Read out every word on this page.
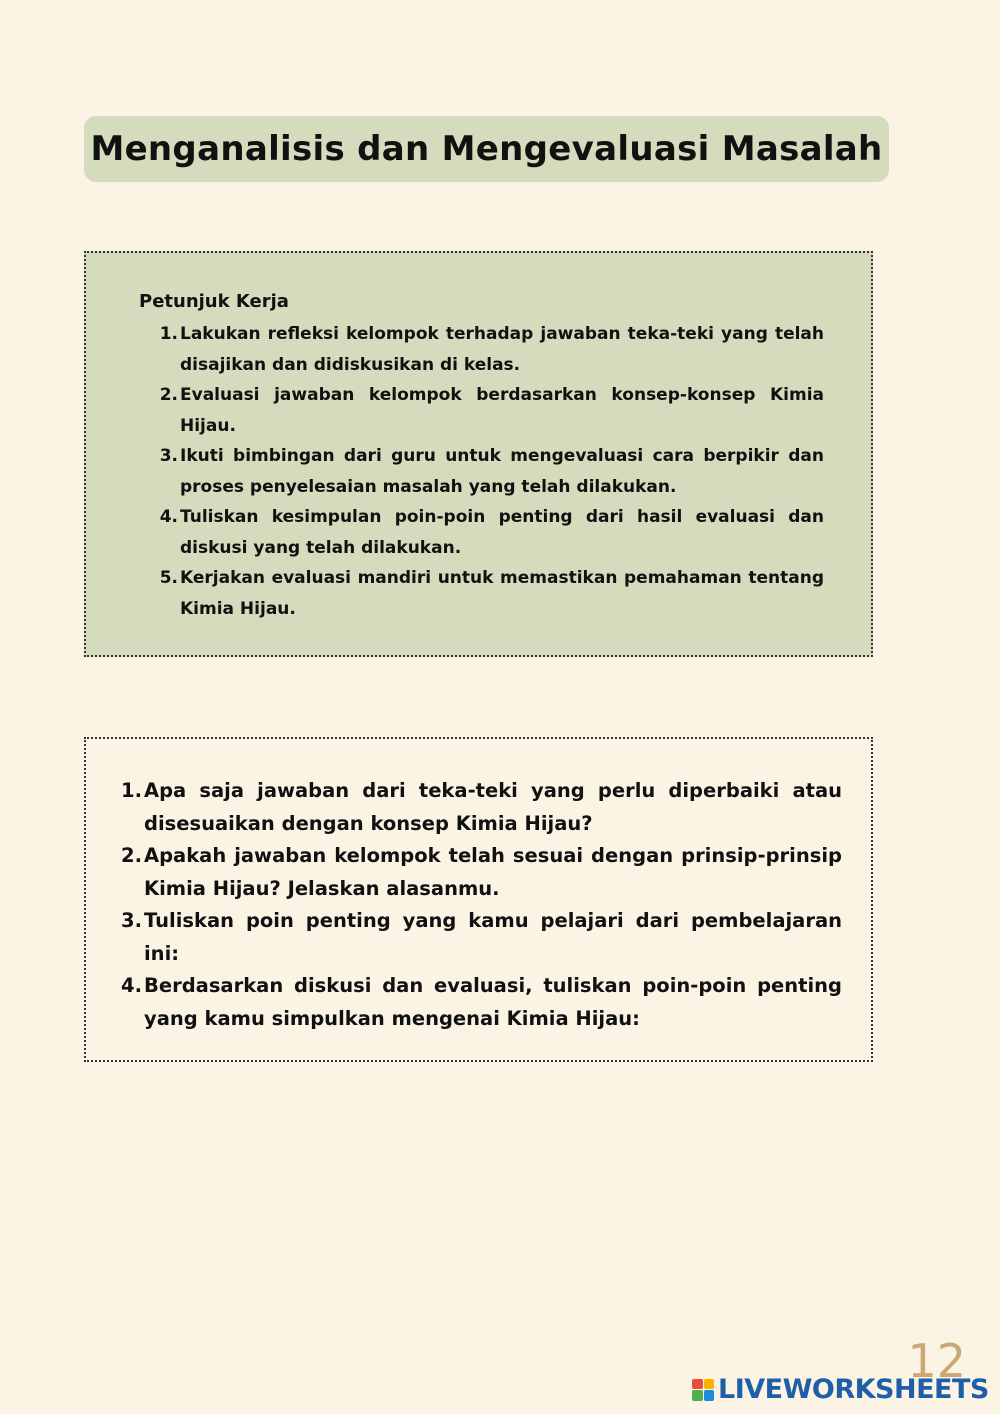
Menganalisis dan Mengevaluasi Masalah
Petunjuk Kerja
1. Lakukan refleksi kelompok terhadap jawaban teka-teki yang telah disajikan dan didiskusikan di kelas.
2. Evaluasi jawaban kelompok berdasarkan konsep-konsep Kimia Hijau.
3. Ikuti bimbingan dari guru untuk mengevaluasi cara berpikir dan proses penyelesaian masalah yang telah dilakukan.
4. Tuliskan kesimpulan poin-poin penting dari hasil evaluasi dan diskusi yang telah dilakukan.
5. Kerjakan evaluasi mandiri untuk memastikan pemahaman tentang Kimia Hijau.
1. Apa saja jawaban dari teka-teki yang perlu diperbaiki atau disesuaikan dengan konsep Kimia Hijau?
2. Apakah jawaban kelompok telah sesuai dengan prinsip-prinsip Kimia Hijau? Jelaskan alasanmu.
3. Tuliskan poin penting yang kamu pelajari dari pembelajaran ini:
4. Berdasarkan diskusi dan evaluasi, tuliskan poin-poin penting yang kamu simpulkan mengenai Kimia Hijau:
12
LIVEWORKSHEETS
